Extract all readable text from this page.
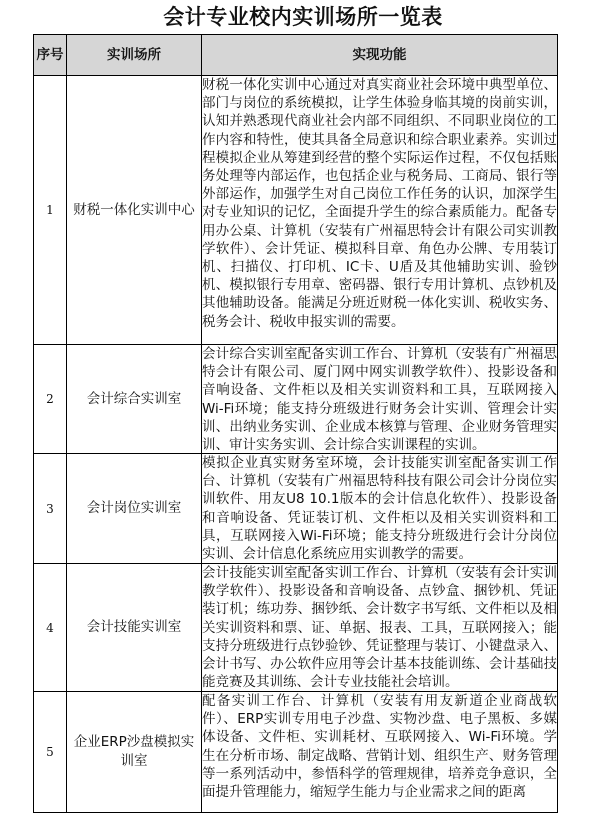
会计专业校内实训场所一览表
序号	实训场所	实现功能
1	财税一体化实训中心	财税一体化实训中心通过对真实商业社会环境中典型单位、部门与岗位的系统模拟，让学生体验身临其境的岗前实训，认知并熟悉现代商业社会内部不同组织、不同职业岗位的工作内容和特性，使其具备全局意识和综合职业素养。实训过程模拟企业从筹建到经营的整个实际运作过程，不仅包括账务处理等内部运作，也包括企业与税务局、工商局、银行等外部运作，加强学生对自己岗位工作任务的认识，加深学生对专业知识的记忆，全面提升学生的综合素质能力。配备专用办公桌、计算机（安装有广州福思特会计有限公司实训教学软件）、会计凭证、模拟科目章、角色办公牌、专用装订机、扫描仪、打印机、IC卡、U盾及其他辅助实训、验钞机、模拟银行专用章、密码器、银行专用计算机、点钞机及其他辅助设备。能满足分班近财税一体化实训、税收实务、税务会计、税收申报实训的需要。

2	会计综合实训室	会计综合实训室配备实训工作台、计算机（安装有广州福思特会计有限公司、厦门网中网实训教学软件）、投影设备和音响设备、文件柜以及相关实训资料和工具，互联网接入Wi-Fi环境；能支持分班级进行财务会计实训、管理会计实训、出纳业务实训、企业成本核算与管理、企业财务管理实训、审计实务实训、会计综合实训课程的实训。

3	会计岗位实训室	模拟企业真实财务室环境，会计技能实训室配备实训工作台、计算机（安装有广州福思特科技有限公司会计分岗位实训软件、用友U8 10.1版本的会计信息化软件）、投影设备和音响设备、凭证装订机、文件柜以及相关实训资料和工具，互联网接入Wi-Fi环境；能支持分班级进行会计分岗位实训、会计信息化系统应用实训教学的需要。

4	会计技能实训室	会计技能实训室配备实训工作台、计算机（安装有会计实训教学软件）、投影设备和音响设备、点钞盒、捆钞机、凭证装订机；练功券、捆钞纸、会计数字书写纸、文件柜以及相关实训资料和票、证、单据、报表、工具，互联网接入；能支持分班级进行点钞验钞、凭证整理与装订、小键盘录入、会计书写、办公软件应用等会计基本技能训练、会计基础技能竞赛及其训练、会计专业技能社会培训。

5	企业ERP沙盘模拟实训室	配备实训工作台、计算机（安装有用友新道企业商战软件）、ERP实训专用电子沙盘、实物沙盘、电子黑板、多媒体设备、文件柜、实训耗材、互联网接入、Wi-Fi环境。学生在分析市场、制定战略、营销计划、组织生产、财务管理等一系列活动中，参悟科学的管理规律，培养竞争意识，全面提升管理能力，缩短学生能力与企业需求之间的距离
